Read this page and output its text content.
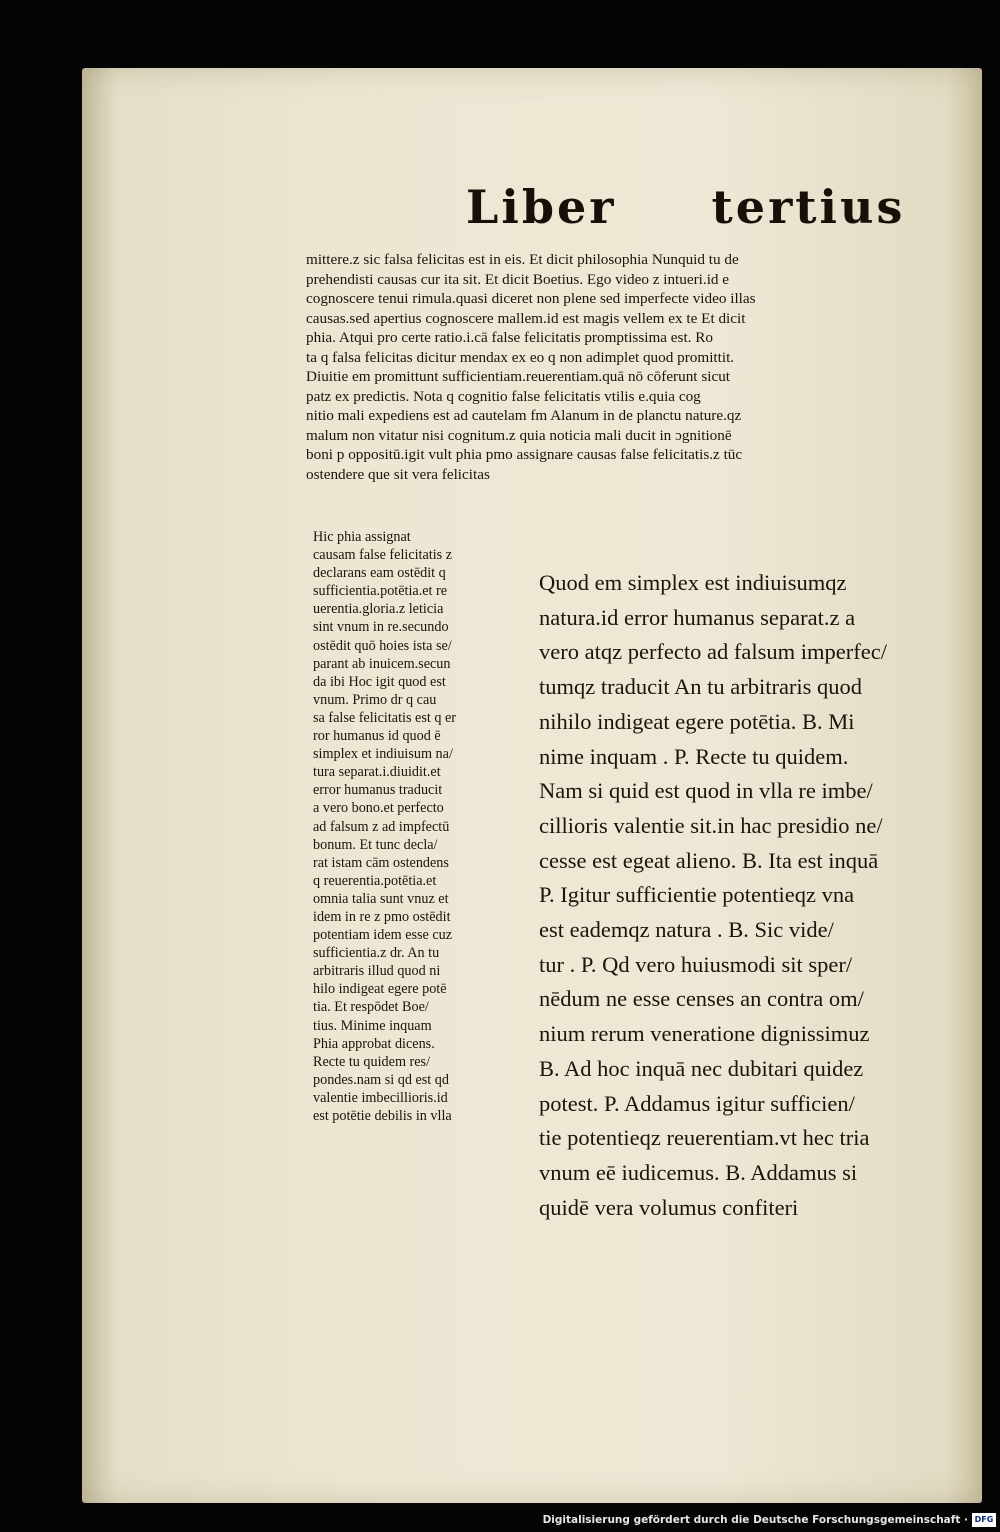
Liber     tertius
mittere.z sic falsa felicitas est in eis. Et dicit philosophia Nunquid tu de
prehendisti causas cur ita sit. Et dicit Boetius. Ego video z intueri.id e
cognoscere tenui rimula.quasi diceret non plene sed imperfecte video illas
causas.sed apertius cognoscere mallem.id est magis vellem ex te Et dicit
phia. Atqui pro certe ratio.i.cā false felicitatis promptissima est. Ro
ta q falsa felicitas dicitur mendax ex eo q non adimplet quod promittit.
Diuitie em promittunt sufficientiam.reuerentiam.quā nō cōferunt sicut
patz ex predictis. Nota q cognitio false felicitatis vtilis e.quia cog
nitio mali expediens est ad cautelam fm Alanum in de planctu nature.qz
malum non vitatur nisi cognitum.z quia noticia mali ducit in ɔgnitionē
boni p oppositū.igit vult phia pmo assignare causas false felicitatis.z tūc
ostendere que sit vera felicitas
Hic phia assignat
causam false felicitatis z
declarans eam ostēdit q
sufficientia.potētia.et re
uerentia.gloria.z leticia
sint vnum in re.secundo
ostēdit quō hoies ista se/
parant ab inuicem.secun
da ibi Hoc igit quod est
vnum. Primo dr q cau
sa false felicitatis est q er
ror humanus id quod ē
simplex et indiuisum na/
tura separat.i.diuidit.et
error humanus traducit
a vero bono.et perfecto
ad falsum z ad impfectū
bonum. Et tunc decla/
rat istam cām ostendens
q reuerentia.potētia.et
omnia talia sunt vnuz et
idem in re z pmo ostēdit
potentiam idem esse cuz
sufficientia.z dr. An tu
arbitraris illud quod ni
hilo indigeat egere potē
tia. Et respōdet Boe/
tius. Minime inquam
Phia approbat dicens.
Recte tu quidem res/
pondes.nam si qd est qd
valentie imbecillioris.id
est potētie debilis in vlla
Quod em simplex est indiuisumqz
natura.id error humanus separat.z a
vero atqz perfecto ad falsum imperfec/
tumqz traducit An tu arbitraris quod
nihilo indigeat egere potētia. B. Mi
nime inquam . P. Recte tu quidem.
Nam si quid est quod in vlla re imbe/
cillioris valentie sit.in hac presidio ne/
cesse est egeat alieno. B. Ita est inquā
P. Igitur sufficientie potentieqz vna
est eademqz natura . B. Sic vide/
tur . P. Qd vero huiusmodi sit sper/
nēdum ne esse censes an contra om/
nium rerum veneratione dignissimuz
B. Ad hoc inquā nec dubitari quidez
potest. P. Addamus igitur sufficien/
tie potentieqz reuerentiam.vt hec tria
vnum eē iudicemus. B. Addamus si
quidē vera volumus confiteri
Digitalisierung gefördert durch die Deutsche Forschungsgemeinschaft · DFG
